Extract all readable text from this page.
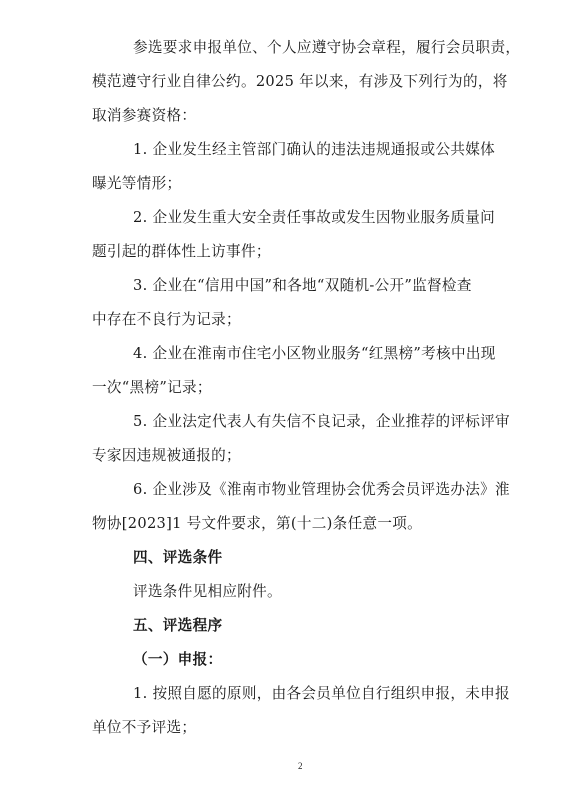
参选要求申报单位、个人应遵守协会章程，履行会员职责，
模范遵守行业自律公约。2025 年以来，有涉及下列行为的，将
取消参赛资格：
1. 企业发生经主管部门确认的违法违规通报或公共媒体
曝光等情形；
2. 企业发生重大安全责任事故或发生因物业服务质量问
题引起的群体性上访事件；
3. 企业在“信用中国”和各地“双随机-公开”监督检查
中存在不良行为记录；
4. 企业在淮南市住宅小区物业服务“红黑榜”考核中出现
一次“黑榜”记录；
5. 企业法定代表人有失信不良记录，企业推荐的评标评审
专家因违规被通报的；
6. 企业涉及《淮南市物业管理协会优秀会员评选办法》淮
物协[2023]1 号文件要求，第(十二)条任意一项。
四、评选条件
评选条件见相应附件。
五、评选程序
（一）申报：
1. 按照自愿的原则，由各会员单位自行组织申报，未申报
单位不予评选；
2
